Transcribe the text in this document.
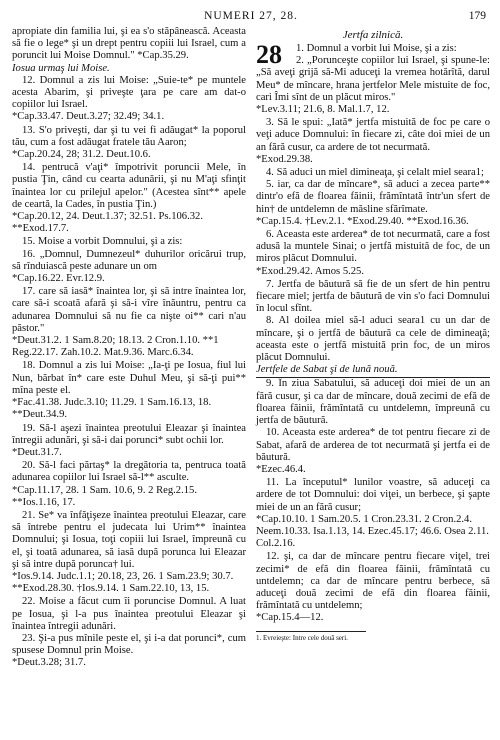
NUMERI 27, 28.	179

apropiate din familia lui, şi ea s'o stăpânească. Aceasta să fie o lege* şi un drept pentru copiii lui Israel, cum a poruncit lui Moise Domnul." *Cap.35.29.

Iosua urmaş lui Moise.

12. Domnul a zis lui Moise: „Suie-te* pe muntele acesta Abarim, şi priveşte ţara pe care am dat-o copiilor lui Israel.

*Cap.33.47. Deut.3.27; 32.49; 34.1.

13. S'o priveşti, dar şi tu vei fi adăugat* la poporul tău, cum a fost adăugat fratele tău Aaron;

*Cap.20.24, 28; 31.2. Deut.10.6.

14. pentrucă v'aţi* împotrivit poruncii Mele, în pustia Ţin, când cu cearta adunării, şi nu M'aţi sfinţit înaintea lor cu prilejul apelor." (Acestea sînt** apele de ceartă, la Cades, în pustia Ţin.)

*Cap.20.12, 24. Deut.1.37; 32.51. Ps.106.32. **Exod.17.7.

15. Moise a vorbit Domnului, şi a zis:

16. „Domnul, Dumnezeul* duhurilor oricărui trup, să rînduiască peste adunare un om

*Cap.16.22. Evr.12.9.

17. care să iasă* înaintea lor, şi să intre înaintea lor, care să-i scoată afară şi să-i vîre înăuntru, pentru ca adunarea Domnului să nu fie ca nişte oi** cari n'au păstor."

*Deut.31.2. 1 Sam.8.20; 18.13. 2 Cron.1.10. **1 Reg.22.17. Zah.10.2. Mat.9.36. Marc.6.34.

18. Domnul a zis lui Moise: „Ia-ţi pe Iosua, fiul lui Nun, bărbat în* care este Duhul Meu, şi să-ţi pui** mîna peste el.

*Fac.41.38. Judc.3.10; 11.29. 1 Sam.16.13, 18. **Deut.34.9.

19. Să-l aşezi înaintea preotului Eleazar şi înaintea întregii adunări, şi să-i dai porunci* subt ochii lor.

*Deut.31.7.

20. Să-l faci părtaş* la dregătoria ta, pentruca toată adunarea copiilor lui Israel să-l** asculte.

*Cap.11.17, 28. 1 Sam. 10.6, 9. 2 Reg.2.15. **Ios.1.16, 17.

21. Se* va înfăţişeze înaintea preotului Eleazar, care să întrebe pentru el judecata lui Urim** înaintea Domnului; şi Iosua, toţi copiii lui Israel, împreună cu el, şi toată adunarea, să iasă după porunca lui Eleazar şi să intre după porunca† lui.

*Ios.9.14. Judc.1.1; 20.18, 23, 26. 1 Sam.23.9; 30.7. **Exod.28.30. †Ios.9.14. 1 Sam.22.10, 13, 15.

22. Moise a făcut cum îi poruncise Domnul. A luat pe Iosua, şi l-a pus înaintea preotului Eleazar şi înaintea întregii adunări.

23. Şi-a pus mînile peste el, şi i-a dat porunci*, cum spusese Domnul prin Moise.

*Deut.3.28; 31.7.

Jertfa zilnică.
28	1. Domnul a vorbit lui Moise, şi a zis:

2. „Porunceşte copiilor lui Israel, şi spune-le: „Să aveţi grijă să-Mi aduceţi la vremea hotărîtă, darul Meu* de mîncare, hrana jertfelor Mele mistuite de foc, cari Îmi sînt de un plăcut miros."

*Lev.3.11; 21.6, 8. Mal.1.7, 12.

3. Să le spui: „Iată* jertfa mistuită de foc pe care o veţi aduce Domnului: în fiecare zi, câte doi miei de un an fără cusur, ca ardere de tot necurmată.

*Exod.29.38.

4. Să aduci un miel dimineaţa, şi celalt miel seara1;

5. iar, ca dar de mîncare*, să aduci a zecea parte** dintr'o efă de floarea făinii, frămîntată într'un sfert de hin† de untdelemn de măsline sfărîmate.

*Cap.15.4. †Lev.2.1. *Exod.29.40. **Exod.16.36.

6. Aceasta este arderea* de tot necurmată, care a fost adusă la muntele Sinai; o jertfă mistuită de foc, de un miros plăcut Domnului.

*Exod.29.42. Amos 5.25.

7. Jertfa de băutură să fie de un sfert de hin pentru fiecare miel; jertfa de băutură de vin s'o faci Domnului în locul sfînt.

8. Al doilea miel să-l aduci seara1 cu un dar de mîncare, şi o jertfă de băutură ca cele de dimineaţă; aceasta este o jertfă mistuită prin foc, de un miros plăcut Domnului.

Jertfele de Sabat şi de lună nouă.

9. În ziua Sabatului, să aduceţi doi miei de un an fără cusur, şi ca dar de mîncare, două zecimi de efă de floarea făinii, frămîntată cu untdelemn, împreună cu jertfa de băutură.

10. Aceasta este arderea* de tot pentru fiecare zi de Sabat, afară de arderea de tot necurmată şi jertfa ei de băutură.

*Ezec.46.4.

11. La începutul* lunilor voastre, să aduceţi ca ardere de tot Domnului: doi viţei, un berbece, şi şapte miei de un an fără cusur;

*Cap.10.10. 1 Sam.20.5. 1 Cron.23.31. 2 Cron.2.4. Neem.10.33. Isa.1.13, 14. Ezec.45.17; 46.6. Osea 2.11. Col.2.16.

12. şi, ca dar de mîncare pentru fiecare viţel, trei zecimi* de efă din floarea făinii, frămîntată cu untdelemn; ca dar de mîncare pentru berbece, să aduceţi două zecimi de efă din floarea făinii, frămîntată cu untdelemn;

*Cap.15.4—12.

1. Evreieşte: Intre cele două seri.
